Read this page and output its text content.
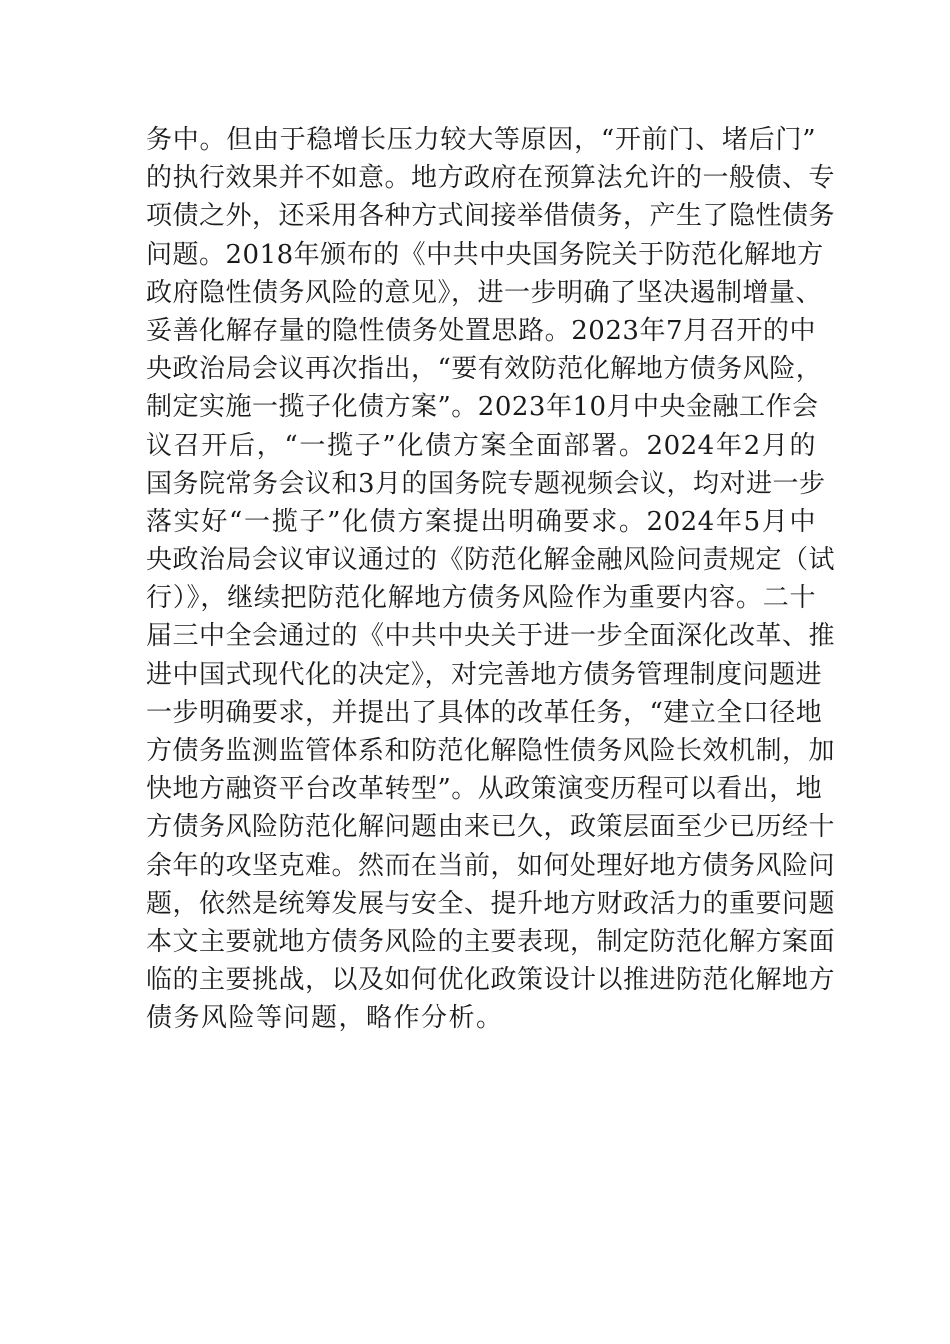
务中。但由于稳增长压力较大等原因，“开前门、堵后门”
的执行效果并不如意。地方政府在预算法允许的一般债、专
项债之外，还采用各种方式间接举借债务，产生了隐性债务
问题。2018年颁布的《中共中央国务院关于防范化解地方
政府隐性债务风险的意见》，进一步明确了坚决遏制增量、
妥善化解存量的隐性债务处置思路。2023年7月召开的中
央政治局会议再次指出，“要有效防范化解地方债务风险，
制定实施一揽子化债方案”。2023年10月中央金融工作会
议召开后，“一揽子”化债方案全面部署。2024年2月的
国务院常务会议和3月的国务院专题视频会议，均对进一步
落实好“一揽子”化债方案提出明确要求。2024年5月中
央政治局会议审议通过的《防范化解金融风险问责规定（试
行）》，继续把防范化解地方债务风险作为重要内容。二十
届三中全会通过的《中共中央关于进一步全面深化改革、推
进中国式现代化的决定》，对完善地方债务管理制度问题进
一步明确要求，并提出了具体的改革任务，“建立全口径地
方债务监测监管体系和防范化解隐性债务风险长效机制，加
快地方融资平台改革转型”。从政策演变历程可以看出，地
方债务风险防范化解问题由来已久，政策层面至少已历经十
余年的攻坚克难。然而在当前，如何处理好地方债务风险问
题，依然是统筹发展与安全、提升地方财政活力的重要问题
本文主要就地方债务风险的主要表现，制定防范化解方案面
临的主要挑战，以及如何优化政策设计以推进防范化解地方
债务风险等问题，略作分析。
